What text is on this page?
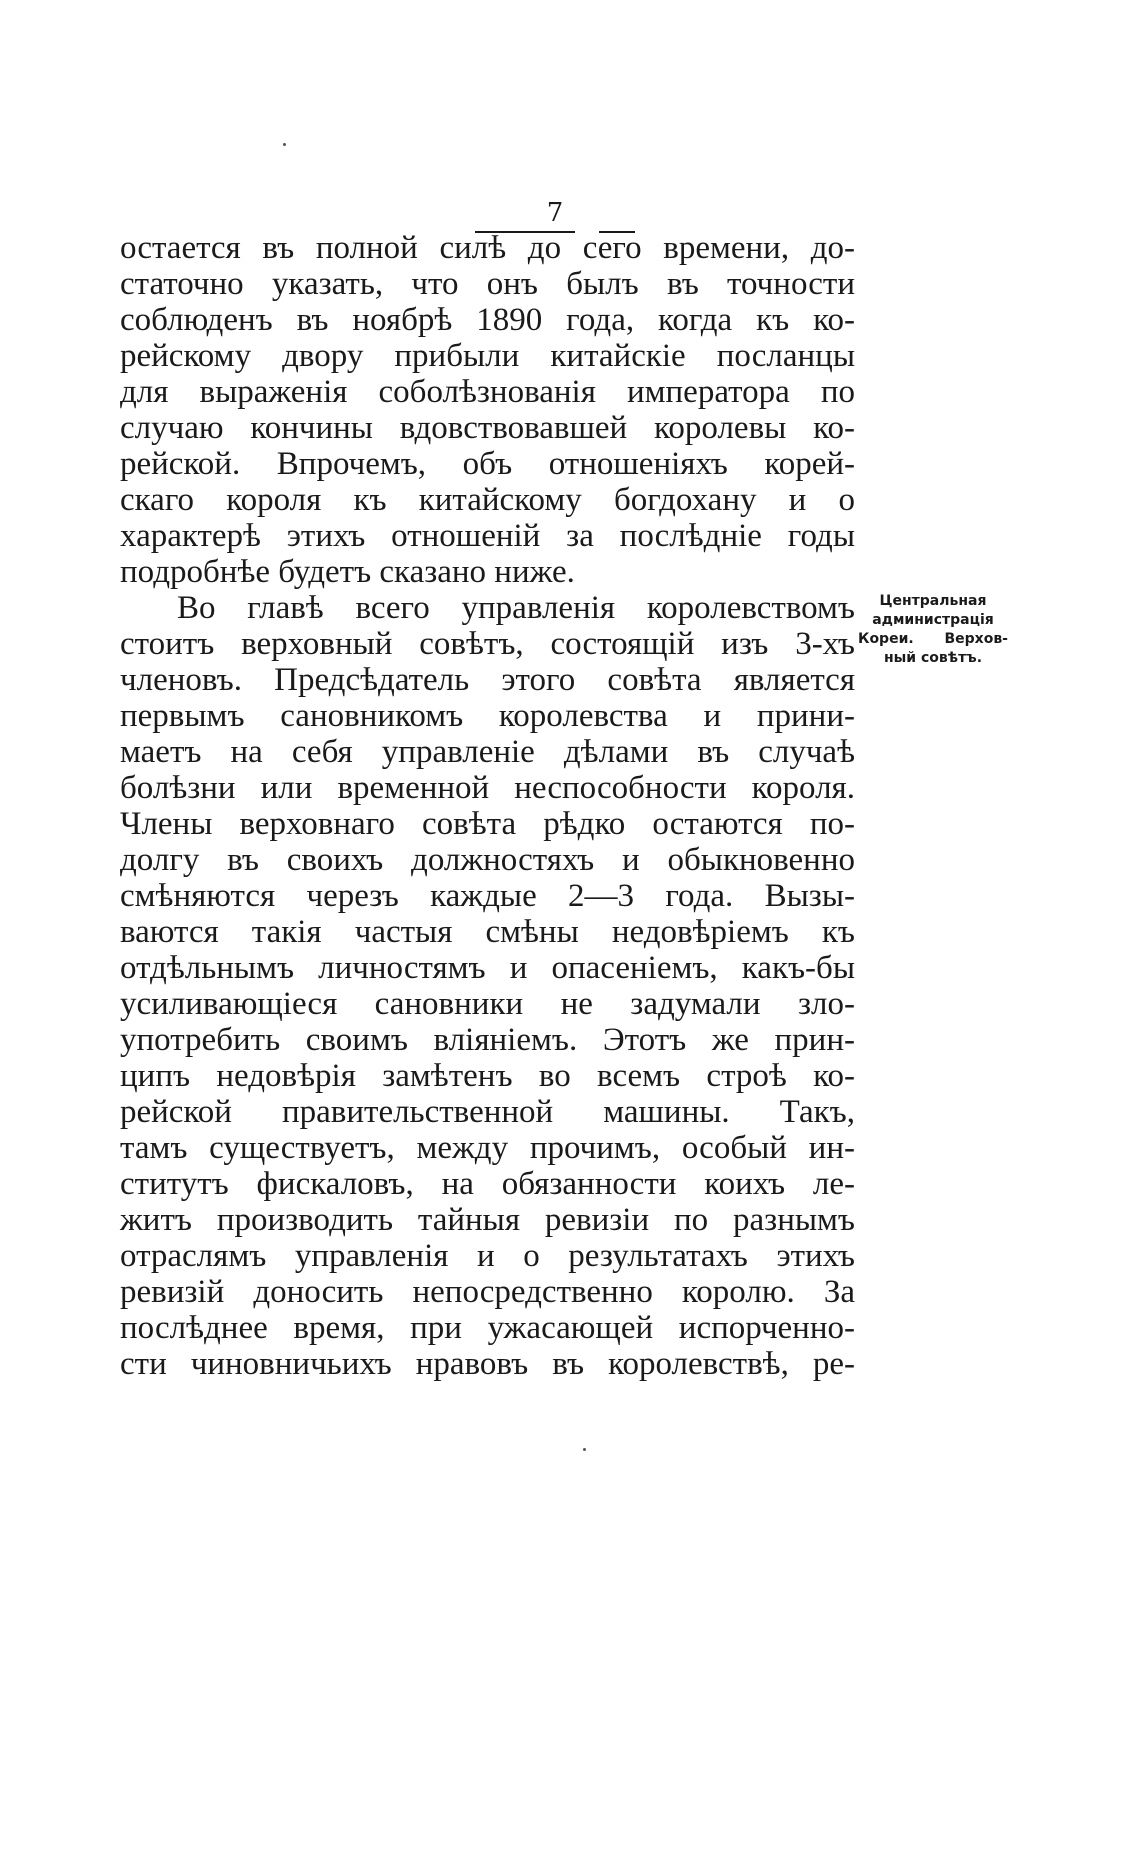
7
остается въ полной силѣ до сего времени, до-
статочно указать, что онъ былъ въ точности
соблюденъ въ ноябрѣ 1890 года, когда къ ко-
рейскому двору прибыли китайскіе посланцы
для выраженія соболѣзнованія императора по
случаю кончины вдовствовавшей королевы ко-
рейской. Впрочемъ, объ отношеніяхъ корей-
скаго короля къ китайскому богдохану и о
характерѣ этихъ отношеній за послѣдніе годы
подробнѣе будетъ сказано ниже.
Во главѣ всего управленія королевствомъ
стоитъ верховный совѣтъ, состоящій изъ 3-хъ
членовъ. Предсѣдатель этого совѣта является
первымъ сановникомъ королевства и прини-
маетъ на себя управленіе дѣлами въ случаѣ
болѣзни или временной неспособности короля.
Члены верховнаго совѣта рѣдко остаются по-
долгу въ своихъ должностяхъ и обыкновенно
смѣняются черезъ каждые 2—3 года. Вызы-
ваются такія частыя смѣны недовѣріемъ къ
отдѣльнымъ личностямъ и опасеніемъ, какъ-бы
усиливающіеся сановники не задумали зло-
употребить своимъ вліяніемъ. Этотъ же прин-
ципъ недовѣрія замѣтенъ во всемъ строѣ ко-
рейской правительственной машины. Такъ,
тамъ существуетъ, между прочимъ, особый ин-
ститутъ фискаловъ, на обязанности коихъ ле-
житъ производить тайныя ревизіи по разнымъ
отраслямъ управленія и о результатахъ этихъ
ревизій доносить непосредственно королю. За
послѣднее время, при ужасающей испорченно-
сти чиновничьихъ нравовъ въ королевствѣ, ре-
Центральная
администрація
Кореи. Верхов-
ный совѣтъ.
